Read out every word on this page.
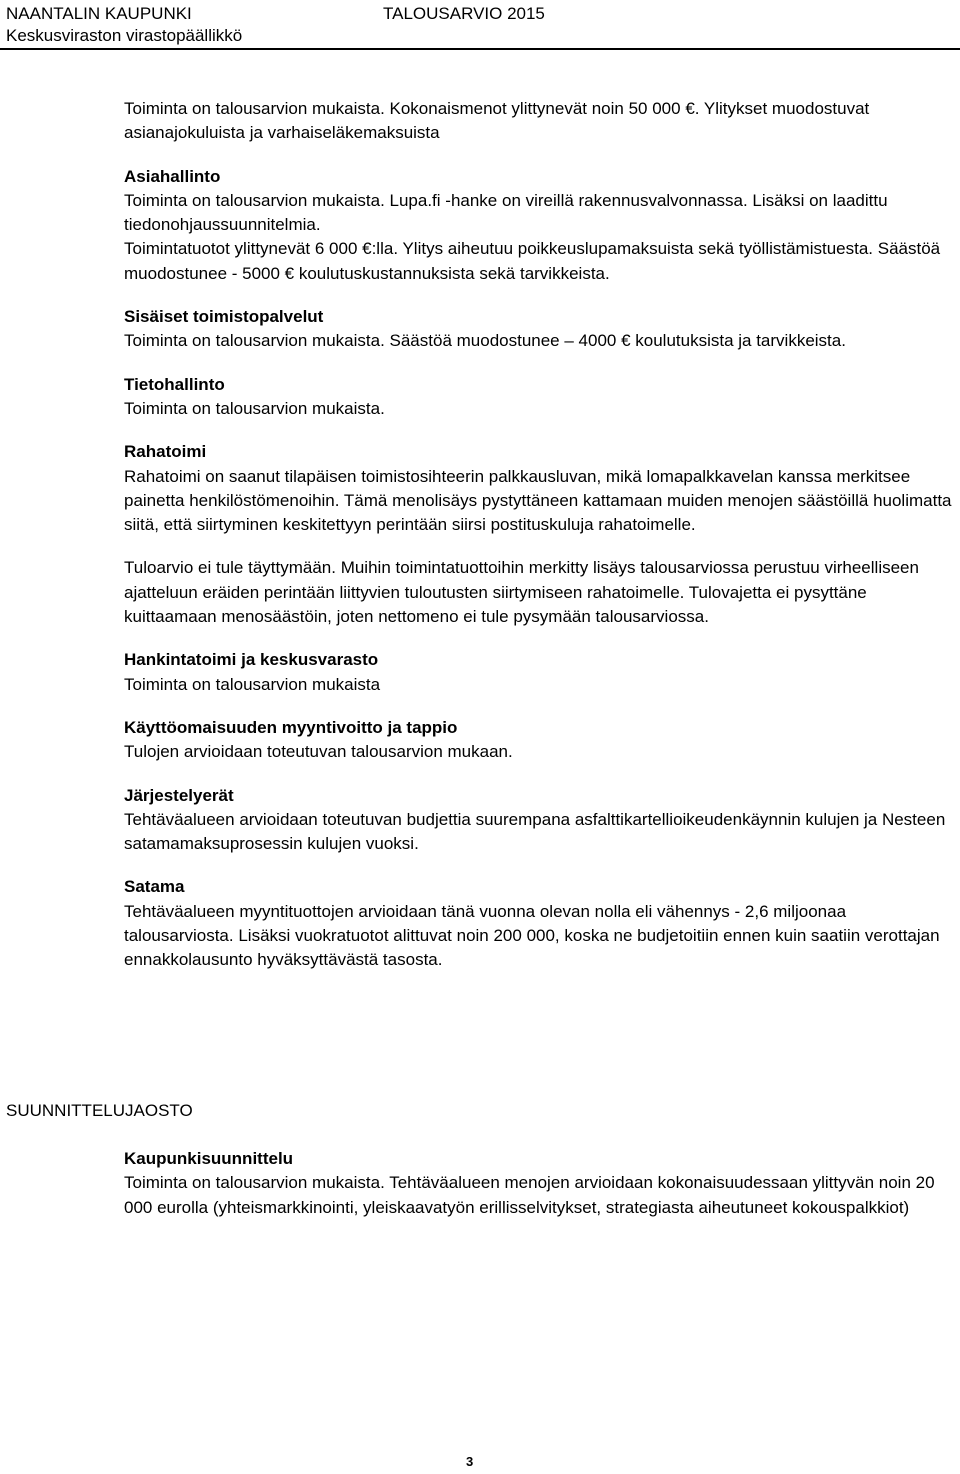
NAANTALIN KAUPUNKI
Keskusviraston virastopäällikkö
TALOUSARVIO 2015

Toiminta on talousarvion mukaista. Kokonaismenot ylittynevät noin 50 000 €. Ylitykset muodostuvat asianajokuluista ja varhaiseläkemaksuista

Asiahallinto

Toiminta on talousarvion mukaista. Lupa.fi -hanke on vireillä rakennusvalvonnassa. Lisäksi on laadittu tiedonohjaussuunnitelmia.

Toimintatuotot ylittynevät 6 000 €:lla. Ylitys aiheutuu poikkeuslupamaksuista sekä työllistämistuesta. Säästöä muodostunee - 5000 € koulutuskustannuksista sekä tarvikkeista.

Sisäiset toimistopalvelut

Toiminta on talousarvion mukaista. Säästöä muodostunee – 4000 € koulutuksista ja tarvikkeista.

Tietohallinto

Toiminta on talousarvion mukaista.

Rahatoimi

Rahatoimi on saanut tilapäisen toimistosihteerin palkkausluvan, mikä lomapalkkavelan kanssa merkitsee painetta henkilöstömenoihin. Tämä menolisäys pystyttäneen kattamaan muiden menojen säästöillä huolimatta siitä, että siirtyminen keskitettyyn perintään siirsi postituskuluja rahatoimelle.

Tuloarvio ei tule täyttymään. Muihin toimintatuottoihin merkitty lisäys talousarviossa perustuu virheelliseen ajatteluun eräiden perintään liittyvien tuloutusten siirtymiseen rahatoimelle. Tulovajetta ei pysyttäne kuittaamaan menosäästöin, joten nettomeno ei tule pysymään talousarviossa.

Hankintatoimi ja keskusvarasto

Toiminta on talousarvion mukaista

Käyttöomaisuuden myyntivoitto ja tappio

Tulojen arvioidaan toteutuvan talousarvion mukaan.

Järjestelyerät

Tehtäväalueen arvioidaan toteutuvan budjettia suurempana asfalttikartellioikeudenkäynnin kulujen ja Nesteen satamamaksuprosessin kulujen vuoksi.

Satama

Tehtäväalueen myyntituottojen arvioidaan tänä vuonna olevan nolla eli vähennys - 2,6 miljoonaa talousarviosta. Lisäksi vuokratuotot alittuvat noin 200 000, koska ne budjetoitiin ennen kuin saatiin verottajan ennakkolausunto hyväksyttävästä tasosta.

SUUNNITTELUJAOSTO

Kaupunkisuunnittelu

Toiminta on talousarvion mukaista. Tehtäväalueen menojen arvioidaan kokonaisuudessaan ylittyvän noin 20 000 eurolla (yhteismarkkinointi, yleiskaavatyön erillisselvitykset, strategiasta aiheutuneet kokouspalkkiot)

3
